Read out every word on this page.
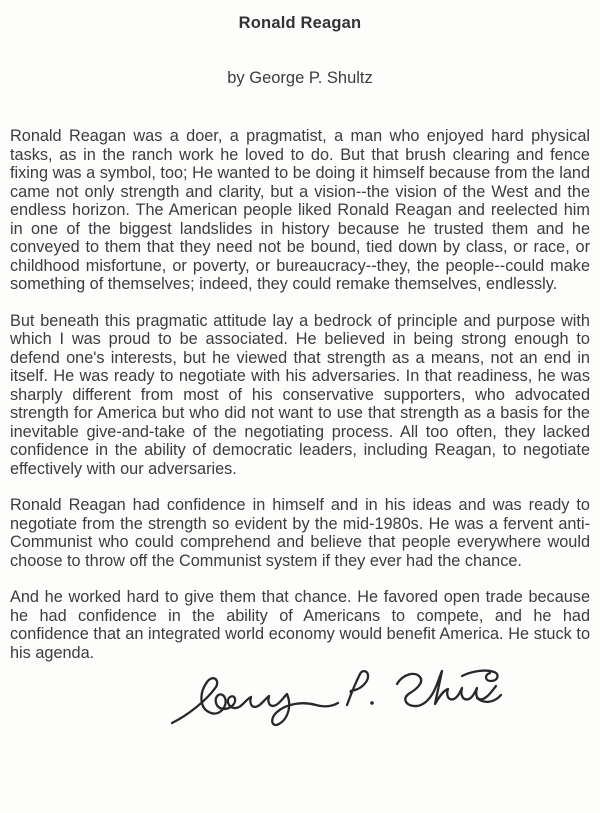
Ronald Reagan
by George P. Shultz

Ronald Reagan was a doer, a pragmatist, a man who enjoyed hard physical tasks, as in the ranch work he loved to do. But that brush clearing and fence fixing was a symbol, too; He wanted to be doing it himself because from the land came not only strength and clarity, but a vision--the vision of the West and the endless horizon. The American people liked Ronald Reagan and reelected him in one of the biggest landslides in history because he trusted them and he conveyed to them that they need not be bound, tied down by class, or race, or childhood misfortune, or poverty, or bureaucracy--they, the people--could make something of themselves; indeed, they could remake themselves, endlessly.

But beneath this pragmatic attitude lay a bedrock of principle and purpose with which I was proud to be associated. He believed in being strong enough to defend one's interests, but he viewed that strength as a means, not an end in itself. He was ready to negotiate with his adversaries. In that readiness, he was sharply different from most of his conservative supporters, who advocated strength for America but who did not want to use that strength as a basis for the inevitable give-and-take of the negotiating process. All too often, they lacked confidence in the ability of democratic leaders, including Reagan, to negotiate effectively with our adversaries.

Ronald Reagan had confidence in himself and in his ideas and was ready to negotiate from the strength so evident by the mid-1980s. He was a fervent anti-Communist who could comprehend and believe that people everywhere would choose to throw off the Communist system if they ever had the chance.

And he worked hard to give them that chance. He favored open trade because he had confidence in the ability of Americans to compete, and he had confidence that an integrated world economy would benefit America. He stuck to his agenda.
